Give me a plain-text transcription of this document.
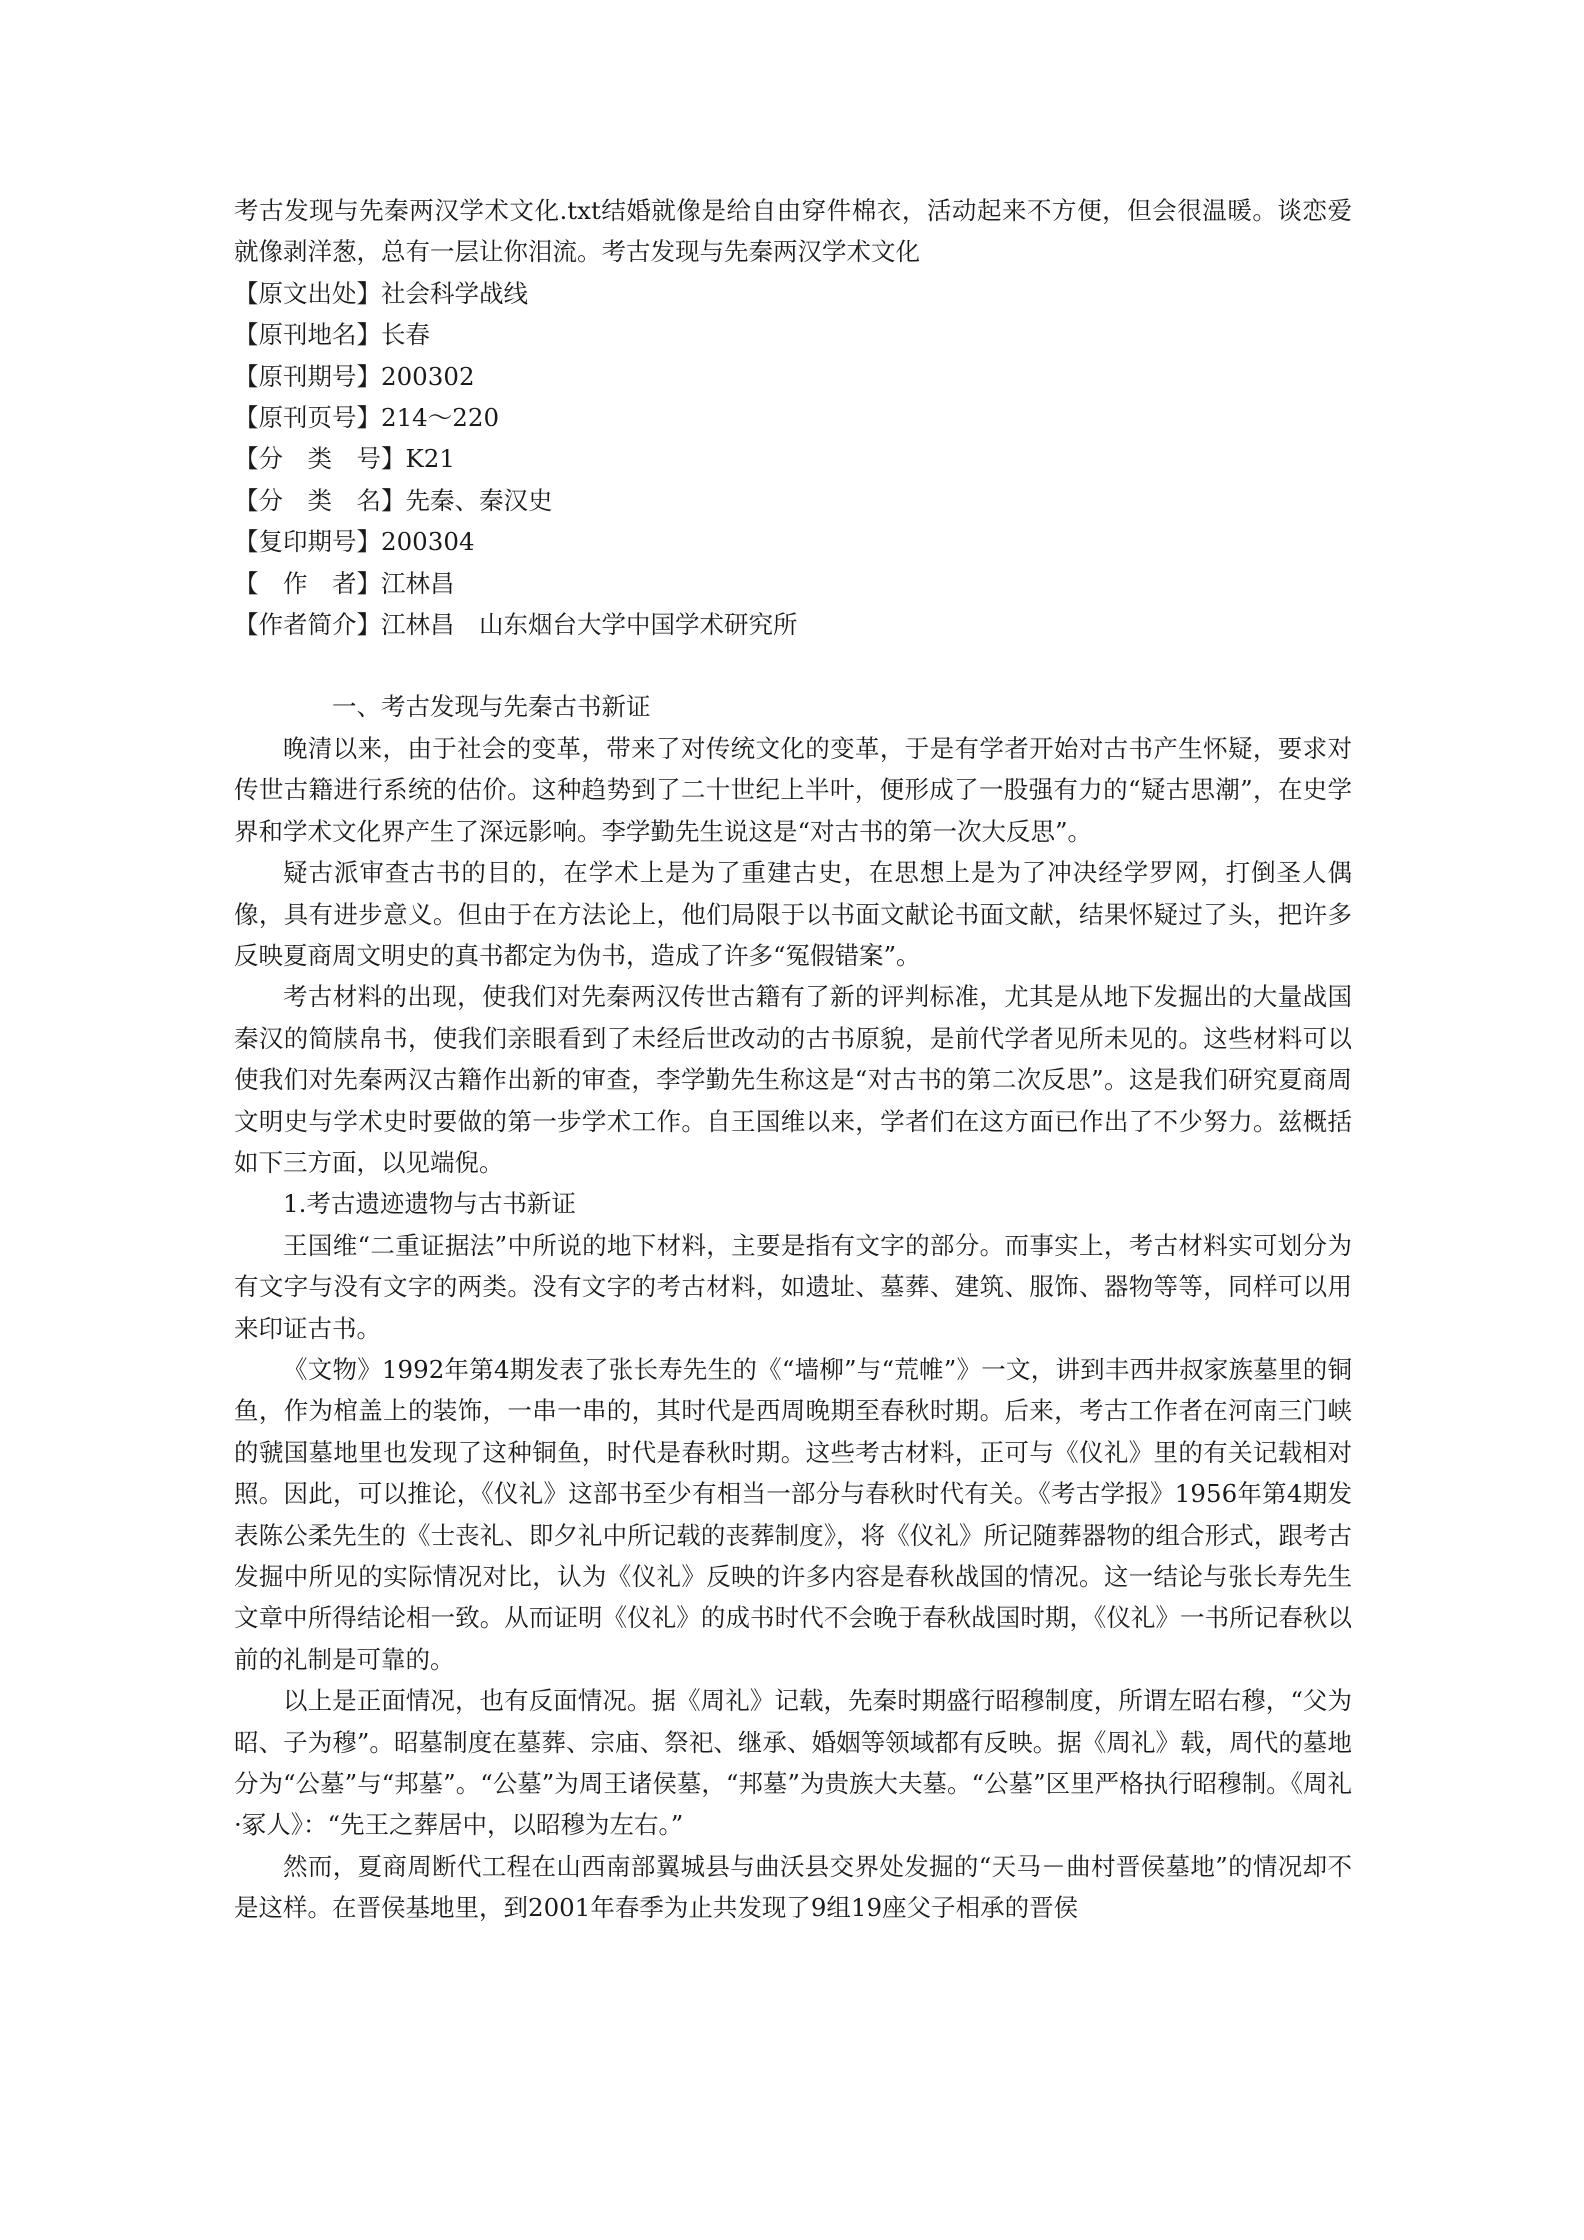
考古发现与先秦两汉学术文化.txt结婚就像是给自由穿件棉衣，活动起来不方便，但会很温暖。谈恋爱就像剥洋葱，总有一层让你泪流。考古发现与先秦两汉学术文化

【原文出处】社会科学战线

【原刊地名】长春

【原刊期号】200302

【原刊页号】214～220

【分　类　号】K21

【分　类　名】先秦、秦汉史

【复印期号】200304

【　作　者】江林昌

【作者简介】江林昌　山东烟台大学中国学术研究所

一、考古发现与先秦古书新证

晚清以来，由于社会的变革，带来了对传统文化的变革，于是有学者开始对古书产生怀疑，要求对传世古籍进行系统的估价。这种趋势到了二十世纪上半叶，便形成了一股强有力的“疑古思潮”，在史学界和学术文化界产生了深远影响。李学勤先生说这是“对古书的第一次大反思”。

疑古派审查古书的目的，在学术上是为了重建古史，在思想上是为了冲决经学罗网，打倒圣人偶像，具有进步意义。但由于在方法论上，他们局限于以书面文献论书面文献，结果怀疑过了头，把许多反映夏商周文明史的真书都定为伪书，造成了许多“冤假错案”。

考古材料的出现，使我们对先秦两汉传世古籍有了新的评判标准，尤其是从地下发掘出的大量战国秦汉的简牍帛书，使我们亲眼看到了未经后世改动的古书原貌，是前代学者见所未见的。这些材料可以使我们对先秦两汉古籍作出新的审查，李学勤先生称这是“对古书的第二次反思”。这是我们研究夏商周文明史与学术史时要做的第一步学术工作。自王国维以来，学者们在这方面已作出了不少努力。兹概括如下三方面，以见端倪。

1.考古遗迹遗物与古书新证

王国维“二重证据法”中所说的地下材料，主要是指有文字的部分。而事实上，考古材料实可划分为有文字与没有文字的两类。没有文字的考古材料，如遗址、墓葬、建筑、服饰、器物等等，同样可以用来印证古书。

《文物》1992年第4期发表了张长寿先生的《“墙柳”与“荒帷”》一文，讲到丰西井叔家族墓里的铜鱼，作为棺盖上的装饰，一串一串的，其时代是西周晚期至春秋时期。后来，考古工作者在河南三门峡的虢国墓地里也发现了这种铜鱼，时代是春秋时期。这些考古材料，正可与《仪礼》里的有关记载相对照。因此，可以推论，《仪礼》这部书至少有相当一部分与春秋时代有关。《考古学报》1956年第4期发表陈公柔先生的《士丧礼、即夕礼中所记载的丧葬制度》，将《仪礼》所记随葬器物的组合形式，跟考古发掘中所见的实际情况对比，认为《仪礼》反映的许多内容是春秋战国的情况。这一结论与张长寿先生文章中所得结论相一致。从而证明《仪礼》的成书时代不会晚于春秋战国时期，《仪礼》一书所记春秋以前的礼制是可靠的。

以上是正面情况，也有反面情况。据《周礼》记载，先秦时期盛行昭穆制度，所谓左昭右穆，“父为昭、子为穆”。昭墓制度在墓葬、宗庙、祭祀、继承、婚姻等领域都有反映。据《周礼》载，周代的墓地分为“公墓”与“邦墓”。“公墓”为周王诸侯墓，“邦墓”为贵族大夫墓。“公墓”区里严格执行昭穆制。《周礼·冢人》：“先王之葬居中，以昭穆为左右。”

然而，夏商周断代工程在山西南部翼城县与曲沃县交界处发掘的“天马－曲村晋侯墓地”的情况却不是这样。在晋侯基地里，到2001年春季为止共发现了9组19座父子相承的晋侯
